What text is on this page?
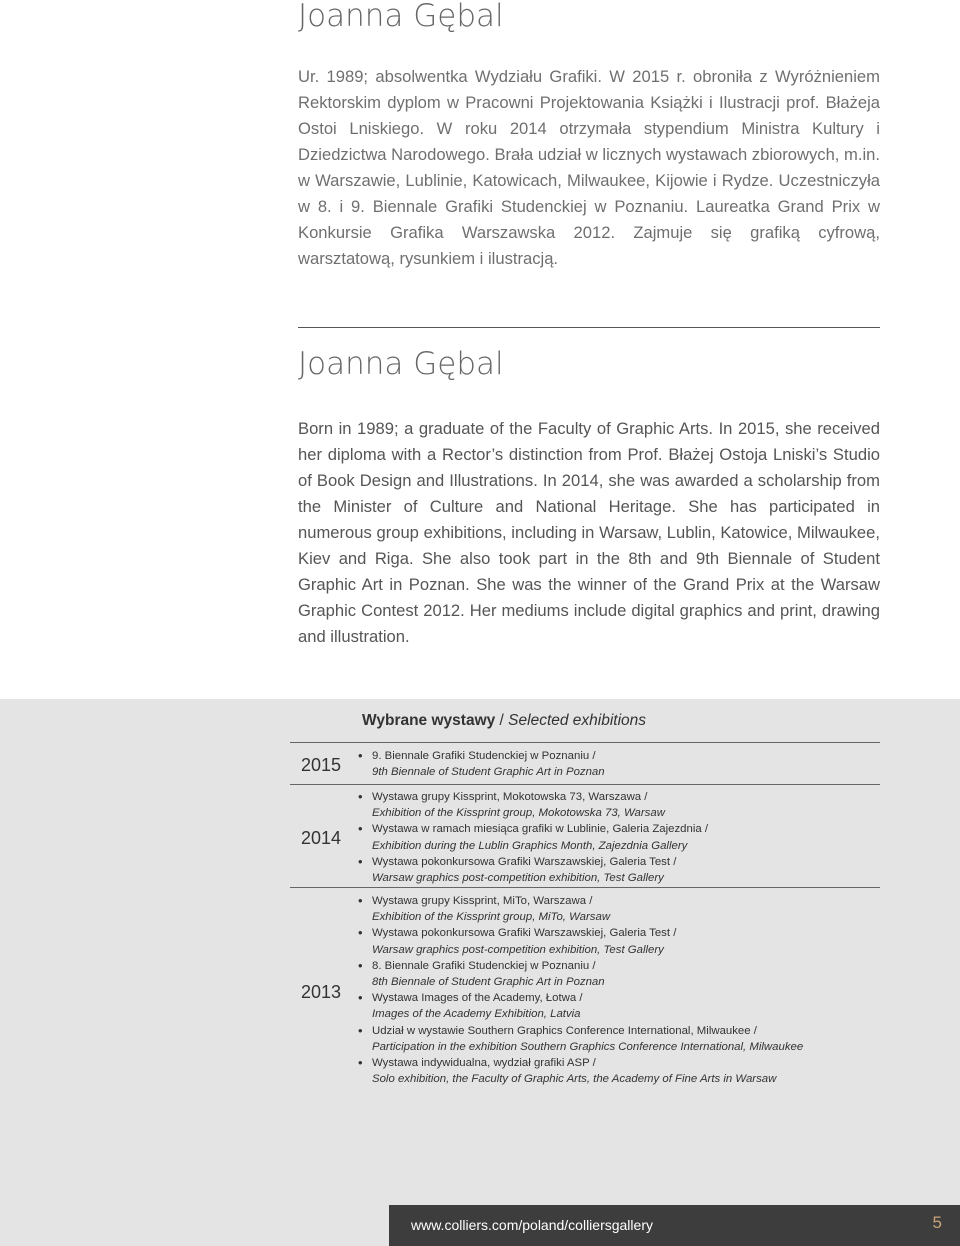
Joanna Gębal

Ur. 1989; absolwentka Wydziału Grafiki. W 2015 r. obroniła z Wyróżnieniem Rektorskim dyplom w Pracowni Projektowania Książki i Ilustracji prof. Błażeja Ostoi Lniskiego. W roku 2014 otrzymała stypendium Ministra Kultury i Dziedzictwa Narodowego. Brała udział w licznych wystawach zbiorowych, m.in. w Warszawie, Lublinie, Katowicach, Milwaukee, Kijowie i Rydze. Uczestniczyła w 8. i 9. Biennale Grafiki Studenckiej w Poznaniu. Laureatka Grand Prix w Konkursie Grafika Warszawska 2012. Zajmuje się grafiką cyfrową, warsztatową, rysunkiem i ilustracją.

Joanna Gębal

Born in 1989; a graduate of the Faculty of Graphic Arts. In 2015, she received her diploma with a Rector’s distinction from Prof. Błażej Ostoja Lniski’s Studio of Book Design and Illustrations. In 2014, she was awarded a scholarship from the Minister of Culture and National Heritage. She has participated in numerous group exhibitions, including in Warsaw, Lublin, Katowice, Milwaukee, Kiev and Riga. She also took part in the 8th and 9th Biennale of Student Graphic Art in Poznan. She was the winner of the Grand Prix at the Warsaw Graphic Contest 2012. Her mediums include digital graphics and print, drawing and illustration.

Wybrane wystawy / Selected exhibitions
2015
•	9. Biennale Grafiki Studenckiej w Poznaniu /
9th Biennale of Student Graphic Art in Poznan
2014
• Wystawa grupy Kissprint, Mokotowska 73, Warszawa /
Exhibition of the Kissprint group, Mokotowska 73, Warsaw
• Wystawa w ramach miesiąca grafiki w Lublinie, Galeria Zajezdnia /
Exhibition during the Lublin Graphics Month, Zajezdnia Gallery
• Wystawa pokonkursowa Grafiki Warszawskiej, Galeria Test /
Warsaw graphics post-competition exhibition, Test Gallery
2013
• Wystawa grupy Kissprint, MiTo, Warszawa /
Exhibition of the Kissprint group, MiTo, Warsaw
• Wystawa pokonkursowa Grafiki Warszawskiej, Galeria Test /
Warsaw graphics post-competition exhibition, Test Gallery
• 8. Biennale Grafiki Studenckiej w Poznaniu /
8th Biennale of Student Graphic Art in Poznan
• Wystawa Images of the Academy, Łotwa /
Images of the Academy Exhibition, Latvia
• Udział w wystawie Southern Graphics Conference International, Milwaukee /
Participation in the exhibition Southern Graphics Conference International, Milwaukee
• Wystawa indywidualna, wydział grafiki ASP /
Solo exhibition, the Faculty of Graphic Arts, the Academy of Fine Arts in Warsaw
www.colliers.com/poland/colliersgallery	5
